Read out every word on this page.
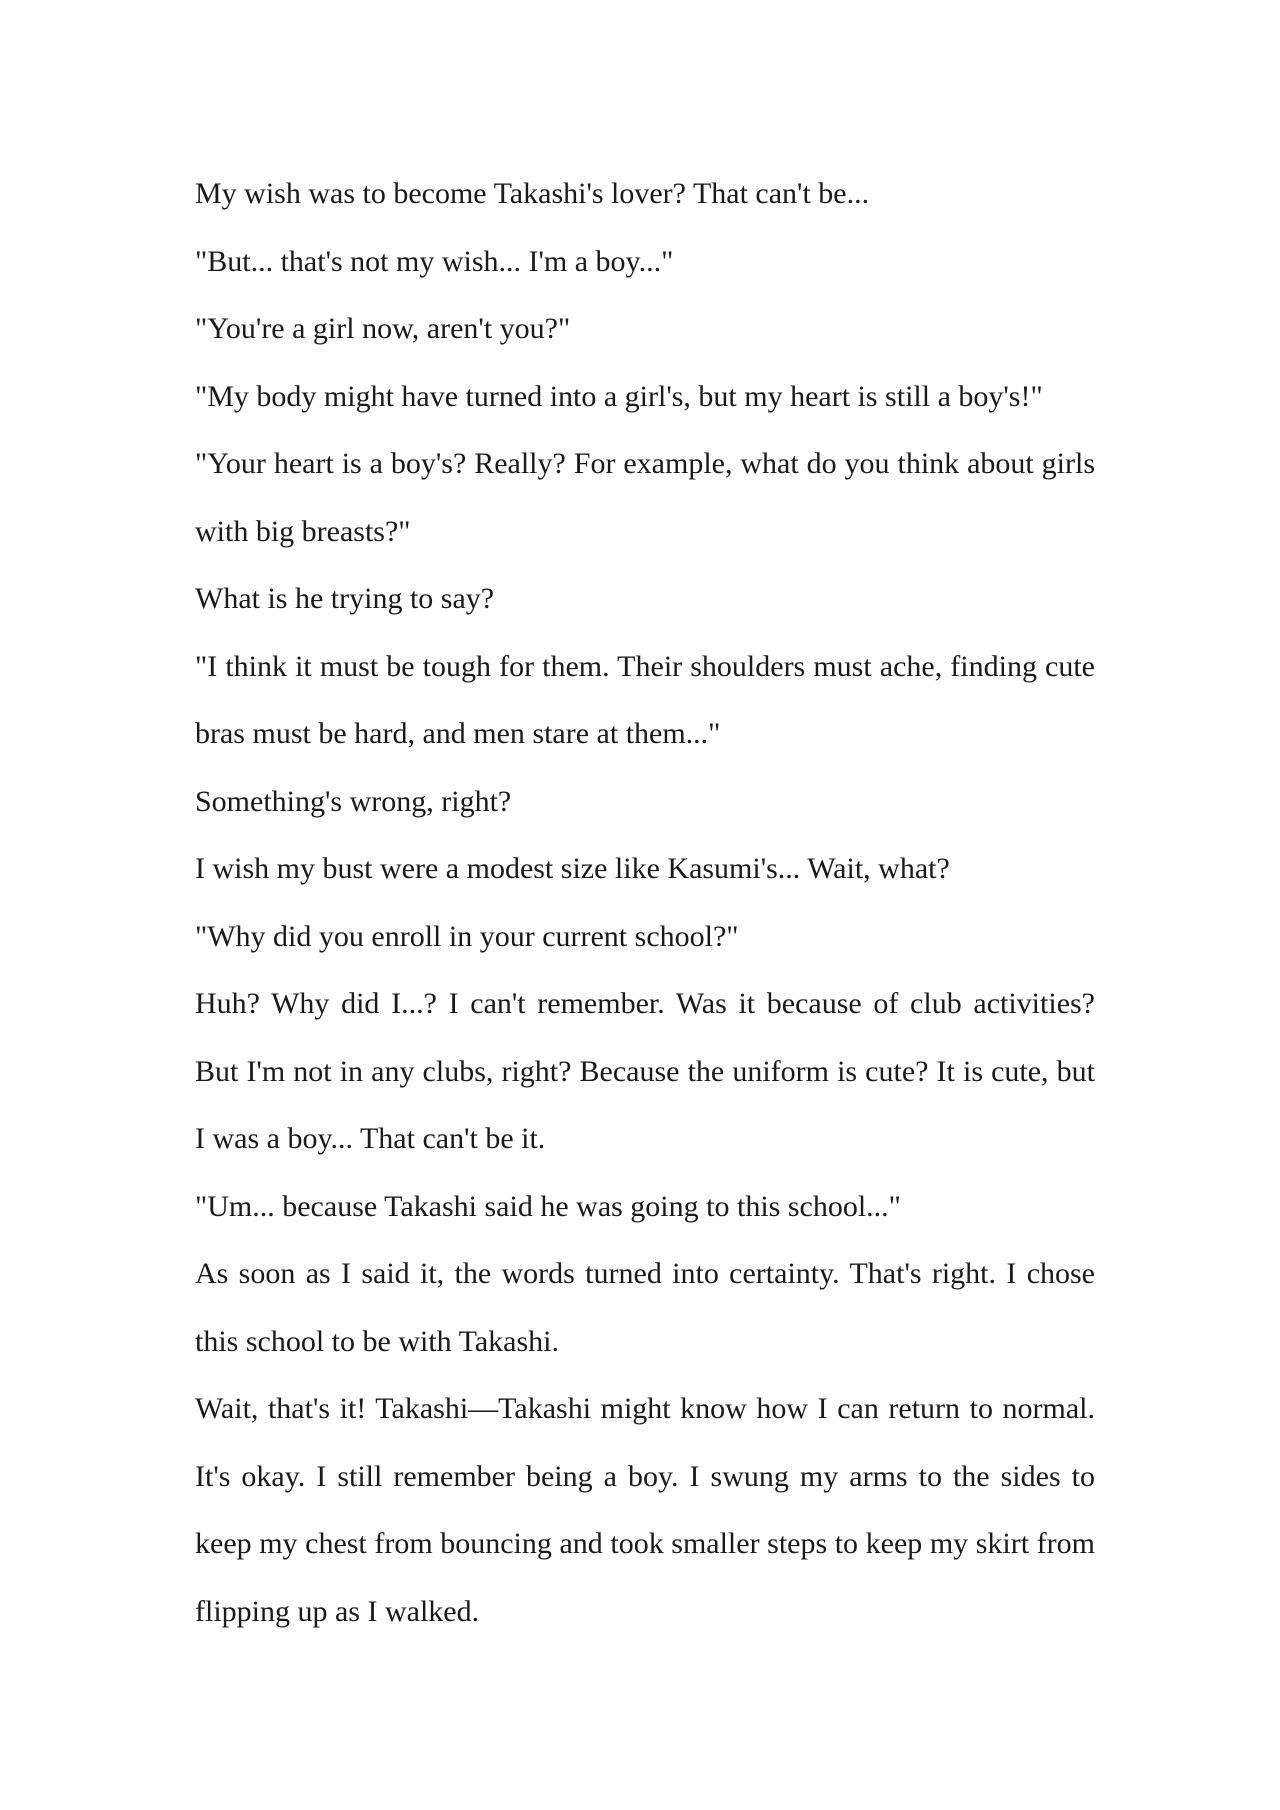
My wish was to become Takashi's lover? That can't be...

"But... that's not my wish... I'm a boy..."

"You're a girl now, aren't you?"

"My body might have turned into a girl's, but my heart is still a boy's!"

"Your heart is a boy's? Really? For example, what do you think about girls with big breasts?"

What is he trying to say?

"I think it must be tough for them. Their shoulders must ache, finding cute bras must be hard, and men stare at them..."

Something's wrong, right?

I wish my bust were a modest size like Kasumi's... Wait, what?

"Why did you enroll in your current school?"

Huh? Why did I...? I can't remember. Was it because of club activities? But I'm not in any clubs, right? Because the uniform is cute? It is cute, but I was a boy... That can't be it.

"Um... because Takashi said he was going to this school..."

As soon as I said it, the words turned into certainty. That's right. I chose this school to be with Takashi.

Wait, that's it! Takashi—Takashi might know how I can return to normal. It's okay. I still remember being a boy. I swung my arms to the sides to keep my chest from bouncing and took smaller steps to keep my skirt from flipping up as I walked.
